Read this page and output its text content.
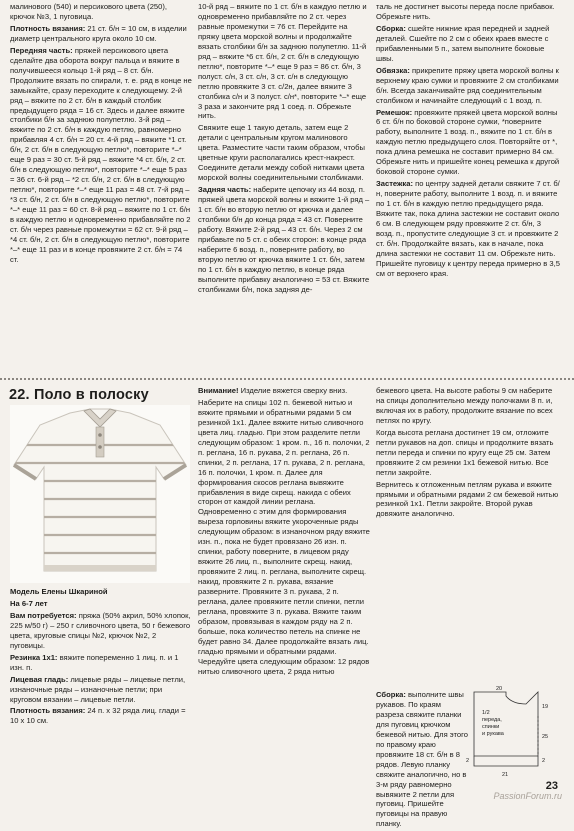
малинового (540) и персикового цвета (250), крючок №3, 1 пуговица.

Плотность вязания: 21 ст. б/н = 10 см, в изделии диаметр центрального круга около 10 см.

Передняя часть: пряжей персикового цвета сделайте два оборота вокруг пальца и вяжите в получившееся кольцо 1-й ряд – 8 ст. б/н. Продолжите вязать по спирали, т. е. ряд в конце не замыкайте, сразу переходите к следующему. 2-й ряд – вяжите по 2 ст. б/н в каждый столбик предыдущего ряда = 16 ст. Здесь и далее вяжите столбики б/н за заднюю полупетлю. 3-й ряд – вяжите по 2 ст. б/н в каждую петлю, равномерно прибавляя 4 ст. б/н = 20 ст. 4-й ряд – вяжите *1 ст. б/н, 2 ст. б/н в следующую петлю*, повторите *–* еще 9 раз = 30 ст. 5-й ряд – вяжите *4 ст. б/н, 2 ст. б/н в следующую петлю*, повторите *–* еще 5 раз = 36 ст. 6-й ряд – *2 ст. б/н, 2 ст. б/н в следующую петлю*, повторите *–* еще 11 раз = 48 ст. 7-й ряд – *3 ст. б/н, 2 ст. б/н в следующую петлю*, повторите *–* еще 11 раз = 60 ст. 8-й ряд – вяжите по 1 ст. б/н в каждую петлю и одновременно прибавляйте по 2 ст. б/н через равные промежутки = 62 ст. 9-й ряд – *4 ст. б/н, 2 ст. б/н в следующую петлю*, повторите *–* еще 11 раз и в конце провяжите 2 ст. б/н = 74 ст.

10-й ряд – вяжите по 1 ст. б/н в каждую петлю и одновременно прибавляйте по 2 ст. через равные промежутки = 76 ст. Перейдите на пряжу цвета морской волны и продолжайте вязать столбики б/н за заднюю полупетлю. 11-й ряд – вяжите *6 ст. б/н, 2 ст. б/н в следующую петлю*, повторите *–* еще 9 раз = 86 ст. б/н, 3 полуст. с/н, 3 ст. с/н, 3 ст. с/н в следующую петлю провяжите 3 ст. с/2н, далее вяжите 3 столбика с/н и 3 полуст. с/н*, повторите *–* еще 3 раза и закончите ряд 1 соед. п. Обрежьте нить.

Свяжите еще 1 такую деталь, затем еще 2 детали с центральным кругом малинового цвета. Разместите части таким образом, чтобы цветные круги располагались крест-накрест. Соедините детали между собой нитками цвета морской волны соединительными столбиками.

Задняя часть: наберите цепочку из 44 возд. п. пряжей цвета морской волны и вяжите 1-й ряд – 1 ст. б/н во вторую петлю от крючка и далее столбики б/н до конца ряда = 43 ст. Поверните работу. Вяжите 2-й ряд – 43 ст. б/н. Через 2 см прибавьте по 5 ст. с обеих сторон: в конце ряда наберите 6 возд. п., поверните работу, во вторую петлю от крючка вяжите 1 ст. б/н, затем по 1 ст. б/н в каждую петлю, в конце ряда выполните прибавку аналогично = 53 ст. Вяжите столбиками б/н, пока задняя де-

таль не достигнет высоты переда после прибавок. Обрежьте нить.

Сборка: сшейте нижние края передней и задней деталей. Сшейте по 2 см с обеих краев вместе с прибавленными 5 п., затем выполните боковые швы.

Обвязка: прикрепите пряжу цвета морской волны к верхнему краю сумки и провяжите 2 см столбиками б/н. Всегда заканчивайте ряд соединительным столбиком и начинайте следующий с 1 возд. п.

Ремешок: провяжите пряжей цвета морской волны 6 ст. б/н по боковой стороне сумки, *поверните работу, выполните 1 возд. п., вяжите по 1 ст. б/н в каждую петлю предыдущего слоя. Повторяйте от *, пока длина ремешка не составит примерно 84 см. Обрежьте нить и пришейте конец ремешка к другой боковой стороне сумки.

Застежка: по центру задней детали свяжите 7 ст. б/н, поверните работу, выполните 1 возд. п. и вяжите по 1 ст. б/н в каждую петлю предыдущего ряда. Вяжите так, пока длина застежки не составит около 6 см. В следующем ряду провяжите 2 ст. б/н, 3 возд. п., пропустите следующие 3 ст. и провяжите 2 ст. б/н. Продолжайте вязать, как в начале, пока длина застежки не составит 11 см. Обрежьте нить. Пришейте пуговицу к центру переда примерно в 3,5 см от верхнего края.

22. Поло в полоску

Модель Елены Шкариной

На 6-7 лет

Вам потребуется: пряжа (50% акрил, 50% хлопок, 225 м/50 г) – 250 г сливочного цвета, 50 г бежевого цвета, круговые спицы №2, крючок №2, 2 пуговицы.

Резинка 1х1: вяжите попеременно 1 лиц. п. и 1 изн. п.

Лицевая гладь: лицевые ряды – лицевые петли, изнаночные ряды – изнаночные петли; при круговом вязании – лицевые петли.

Плотность вязания: 24 п. х 32 ряда лиц. глади = 10 х 10 см.

Внимание! Изделие вяжется сверху вниз.

Наберите на спицы 102 п. бежевой нитью и вяжите прямыми и обратными рядами 5 см резинкой 1х1. Далее вяжите нитью сливочного цвета лиц. гладью. При этом разделите петли следующим образом: 1 кром. п., 16 п. полочки, 2 п. реглана, 16 п. рукава, 2 п. реглана, 26 п. спинки, 2 п. реглана, 17 п. рукава, 2 п. реглана, 16 п. полочки, 1 кром. п. Далее для формирования скосов реглана вывяжите прибавления в виде скрещ. накида с обеих сторон от каждой линии реглана. Одновременно с этим для формирования выреза горловины вяжите укороченные ряды следующим образом: в изнаночном ряду вяжите изн. п., пока не будет провязано 26 изн. п. спинки, работу поверните, в лицевом ряду вяжите 26 лиц. п., выполните скрещ. накид, провяжите 2 лиц. п. реглана, выполните скрещ. накид, провяжите 2 п. рукава, вязание разверните. Провяжите 3 п. рукава, 2 п. реглана, далее провяжите петли спинки, петли реглана, провяжите 3 п. рукава. Вяжите таким образом, провязывая в каждом ряду на 2 п. больше, пока количество петель на спинке не будет равно 34. Далее продолжайте вязать лиц. гладью прямыми и обратными рядами. Чередуйте цвета следующим образом: 12 рядов нитью сливочного цвета, 2 ряда нитью

бежевого цвета. На высоте работы 9 см наберите на спицы дополнительно между полочками 8 п. и, включая их в работу, продолжите вязание по всех петлях по кругу.

Когда высота реглана достигнет 19 см, отложите петли рукавов на доп. спицы и продолжите вязать петли переда и спинки по кругу еще 25 см. Затем провяжите 2 см резинки 1х1 бежевой нитью. Все петли закройте.

Вернитесь к отложенным петлям рукава и вяжите прямыми и обратными рядами 2 см бежевой нитью резинкой 1х1. Петли закройте. Второй рукав довяжите аналогично.

Сборка: выполните швы рукавов. По краям разреза свяжите планки для пуговиц крючком бежевой нитью. Для этого по правому краю провяжите 18 ст. б/н в 8 рядов. Левую планку свяжите аналогично, но в 3-м ряду равномерно вывяжите 2 петли для пуговиц. Пришейте пуговицы на правую планку.

1/2
переда,
спинки
и рукава
20
19
25
2
2
21
23
PassionForum.ru
